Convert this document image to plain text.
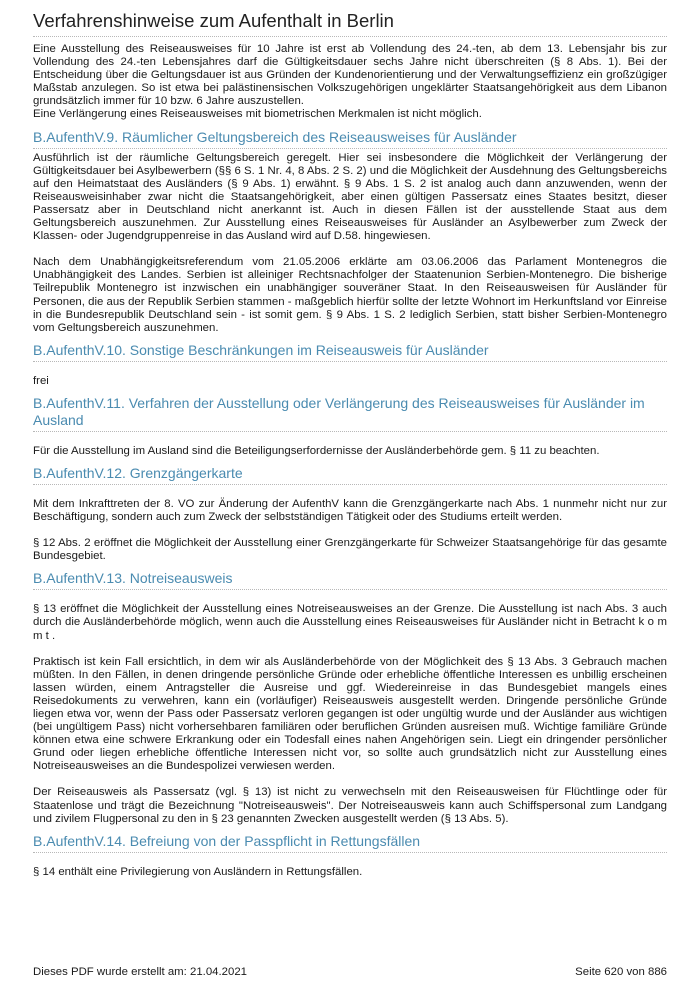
Verfahrenshinweise zum Aufenthalt in Berlin

Eine Ausstellung des Reiseausweises für 10 Jahre ist erst ab Vollendung des 24.-ten, ab dem 13. Lebensjahr bis zur Vollendung des 24.-ten Lebensjahres darf die Gültigkeitsdauer sechs Jahre nicht überschreiten (§ 8 Abs. 1). Bei der Entscheidung über die Geltungsdauer ist aus Gründen der Kundenorientierung und der Verwaltungseffizienz ein großzügiger Maßstab anzulegen. So ist etwa bei palästinensischen Volkszugehörigen ungeklärter Staatsangehörigkeit aus dem Libanon grundsätzlich immer für 10 bzw. 6 Jahre auszustellen.

Eine Verlängerung eines Reiseausweises mit biometrischen Merkmalen ist nicht möglich.

B.AufenthV.9. Räumlicher Geltungsbereich des Reiseausweises für Ausländer

Ausführlich ist der räumliche Geltungsbereich geregelt. Hier sei insbesondere die Möglichkeit der Verlängerung der Gültigkeitsdauer bei Asylbewerbern (§§ 6 S. 1 Nr. 4, 8 Abs. 2 S. 2) und die Möglichkeit der Ausdehnung des Geltungsbereichs auf den Heimatstaat des Ausländers (§ 9 Abs. 1) erwähnt. § 9 Abs. 1 S. 2 ist analog auch dann anzuwenden, wenn der Reiseausweisinhaber zwar nicht die Staatsangehörigkeit, aber einen gültigen Passersatz eines Staates besitzt, dieser Passersatz aber in Deutschland nicht anerkannt ist. Auch in diesen Fällen ist der ausstellende Staat aus dem Geltungsbereich auszunehmen. Zur Ausstellung eines Reiseausweises für Ausländer an Asylbewerber zum Zweck der Klassen- oder Jugendgruppenreise in das Ausland wird auf D.58. hingewiesen.

Nach dem Unabhängigkeitsreferendum vom 21.05.2006 erklärte am 03.06.2006 das Parlament Montenegros die Unabhängigkeit des Landes. Serbien ist alleiniger Rechtsnachfolger der Staatenunion Serbien-Montenegro. Die bisherige Teilrepublik Montenegro ist inzwischen ein unabhängiger souveräner Staat. In den Reiseausweisen für Ausländer für Personen, die aus der Republik Serbien stammen - maßgeblich hierfür sollte der letzte Wohnort im Herkunftsland vor Einreise in die Bundesrepublik Deutschland sein - ist somit gem. § 9 Abs. 1 S. 2 lediglich Serbien, statt bisher Serbien-Montenegro vom Geltungsbereich auszunehmen.

B.AufenthV.10. Sonstige Beschränkungen im Reiseausweis für Ausländer

frei

B.AufenthV.11. Verfahren der Ausstellung oder Verlängerung des Reiseausweises für Ausländer im Ausland

Für die Ausstellung im Ausland sind die Beteiligungserfordernisse der Ausländerbehörde gem. § 11 zu beachten.

B.AufenthV.12. Grenzgängerkarte

Mit dem Inkrafttreten der 8. VO zur Änderung der AufenthV kann die Grenzgängerkarte nach Abs. 1 nunmehr nicht nur zur Beschäftigung, sondern auch zum Zweck der selbstständigen Tätigkeit oder des Studiums erteilt werden.

§ 12 Abs. 2 eröffnet die Möglichkeit der Ausstellung einer Grenzgängerkarte für Schweizer Staatsangehörige für das gesamte Bundesgebiet.

B.AufenthV.13. Notreiseausweis

§ 13 eröffnet die Möglichkeit der Ausstellung eines Notreiseausweises an der Grenze. Die Ausstellung ist nach Abs. 3 auch durch die Ausländerbehörde möglich, wenn auch die Ausstellung eines Reiseausweises für Ausländer nicht in Betracht k o m m t .

Praktisch ist kein Fall ersichtlich, in dem wir als Ausländerbehörde von der Möglichkeit des § 13 Abs. 3 Gebrauch machen müßten. In den Fällen, in denen dringende persönliche Gründe oder erhebliche öffentliche Interessen es unbillig erscheinen lassen würden, einem Antragsteller die Ausreise und ggf. Wiedereinreise in das Bundesgebiet mangels eines Reisedokuments zu verwehren, kann ein (vorläufiger) Reiseausweis ausgestellt werden. Dringende persönliche Gründe liegen etwa vor, wenn der Pass oder Passersatz verloren gegangen ist oder ungültig wurde und der Ausländer aus wichtigen (bei ungültigem Pass) nicht vorhersehbaren familiären oder beruflichen Gründen ausreisen muß. Wichtige familiäre Gründe können etwa eine schwere Erkrankung oder ein Todesfall eines nahen Angehörigen sein. Liegt ein dringender persönlicher Grund oder liegen erhebliche öffentliche Interessen nicht vor, so sollte auch grundsätzlich nicht zur Ausstellung eines Notreiseausweises an die Bundespolizei verwiesen werden.

Der Reiseausweis als Passersatz (vgl. § 13) ist nicht zu verwechseln mit den Reiseausweisen für Flüchtlinge oder für Staatenlose und trägt die Bezeichnung "Notreiseausweis". Der Notreiseausweis kann auch Schiffspersonal zum Landgang und zivilem Flugpersonal zu den in § 23 genannten Zwecken ausgestellt werden (§ 13 Abs. 5).

B.AufenthV.14. Befreiung von der Passpflicht in Rettungsfällen

§ 14 enthält eine Privilegierung von Ausländern in Rettungsfällen.

Dieses PDF wurde erstellt am: 21.04.2021	Seite 620 von 886
